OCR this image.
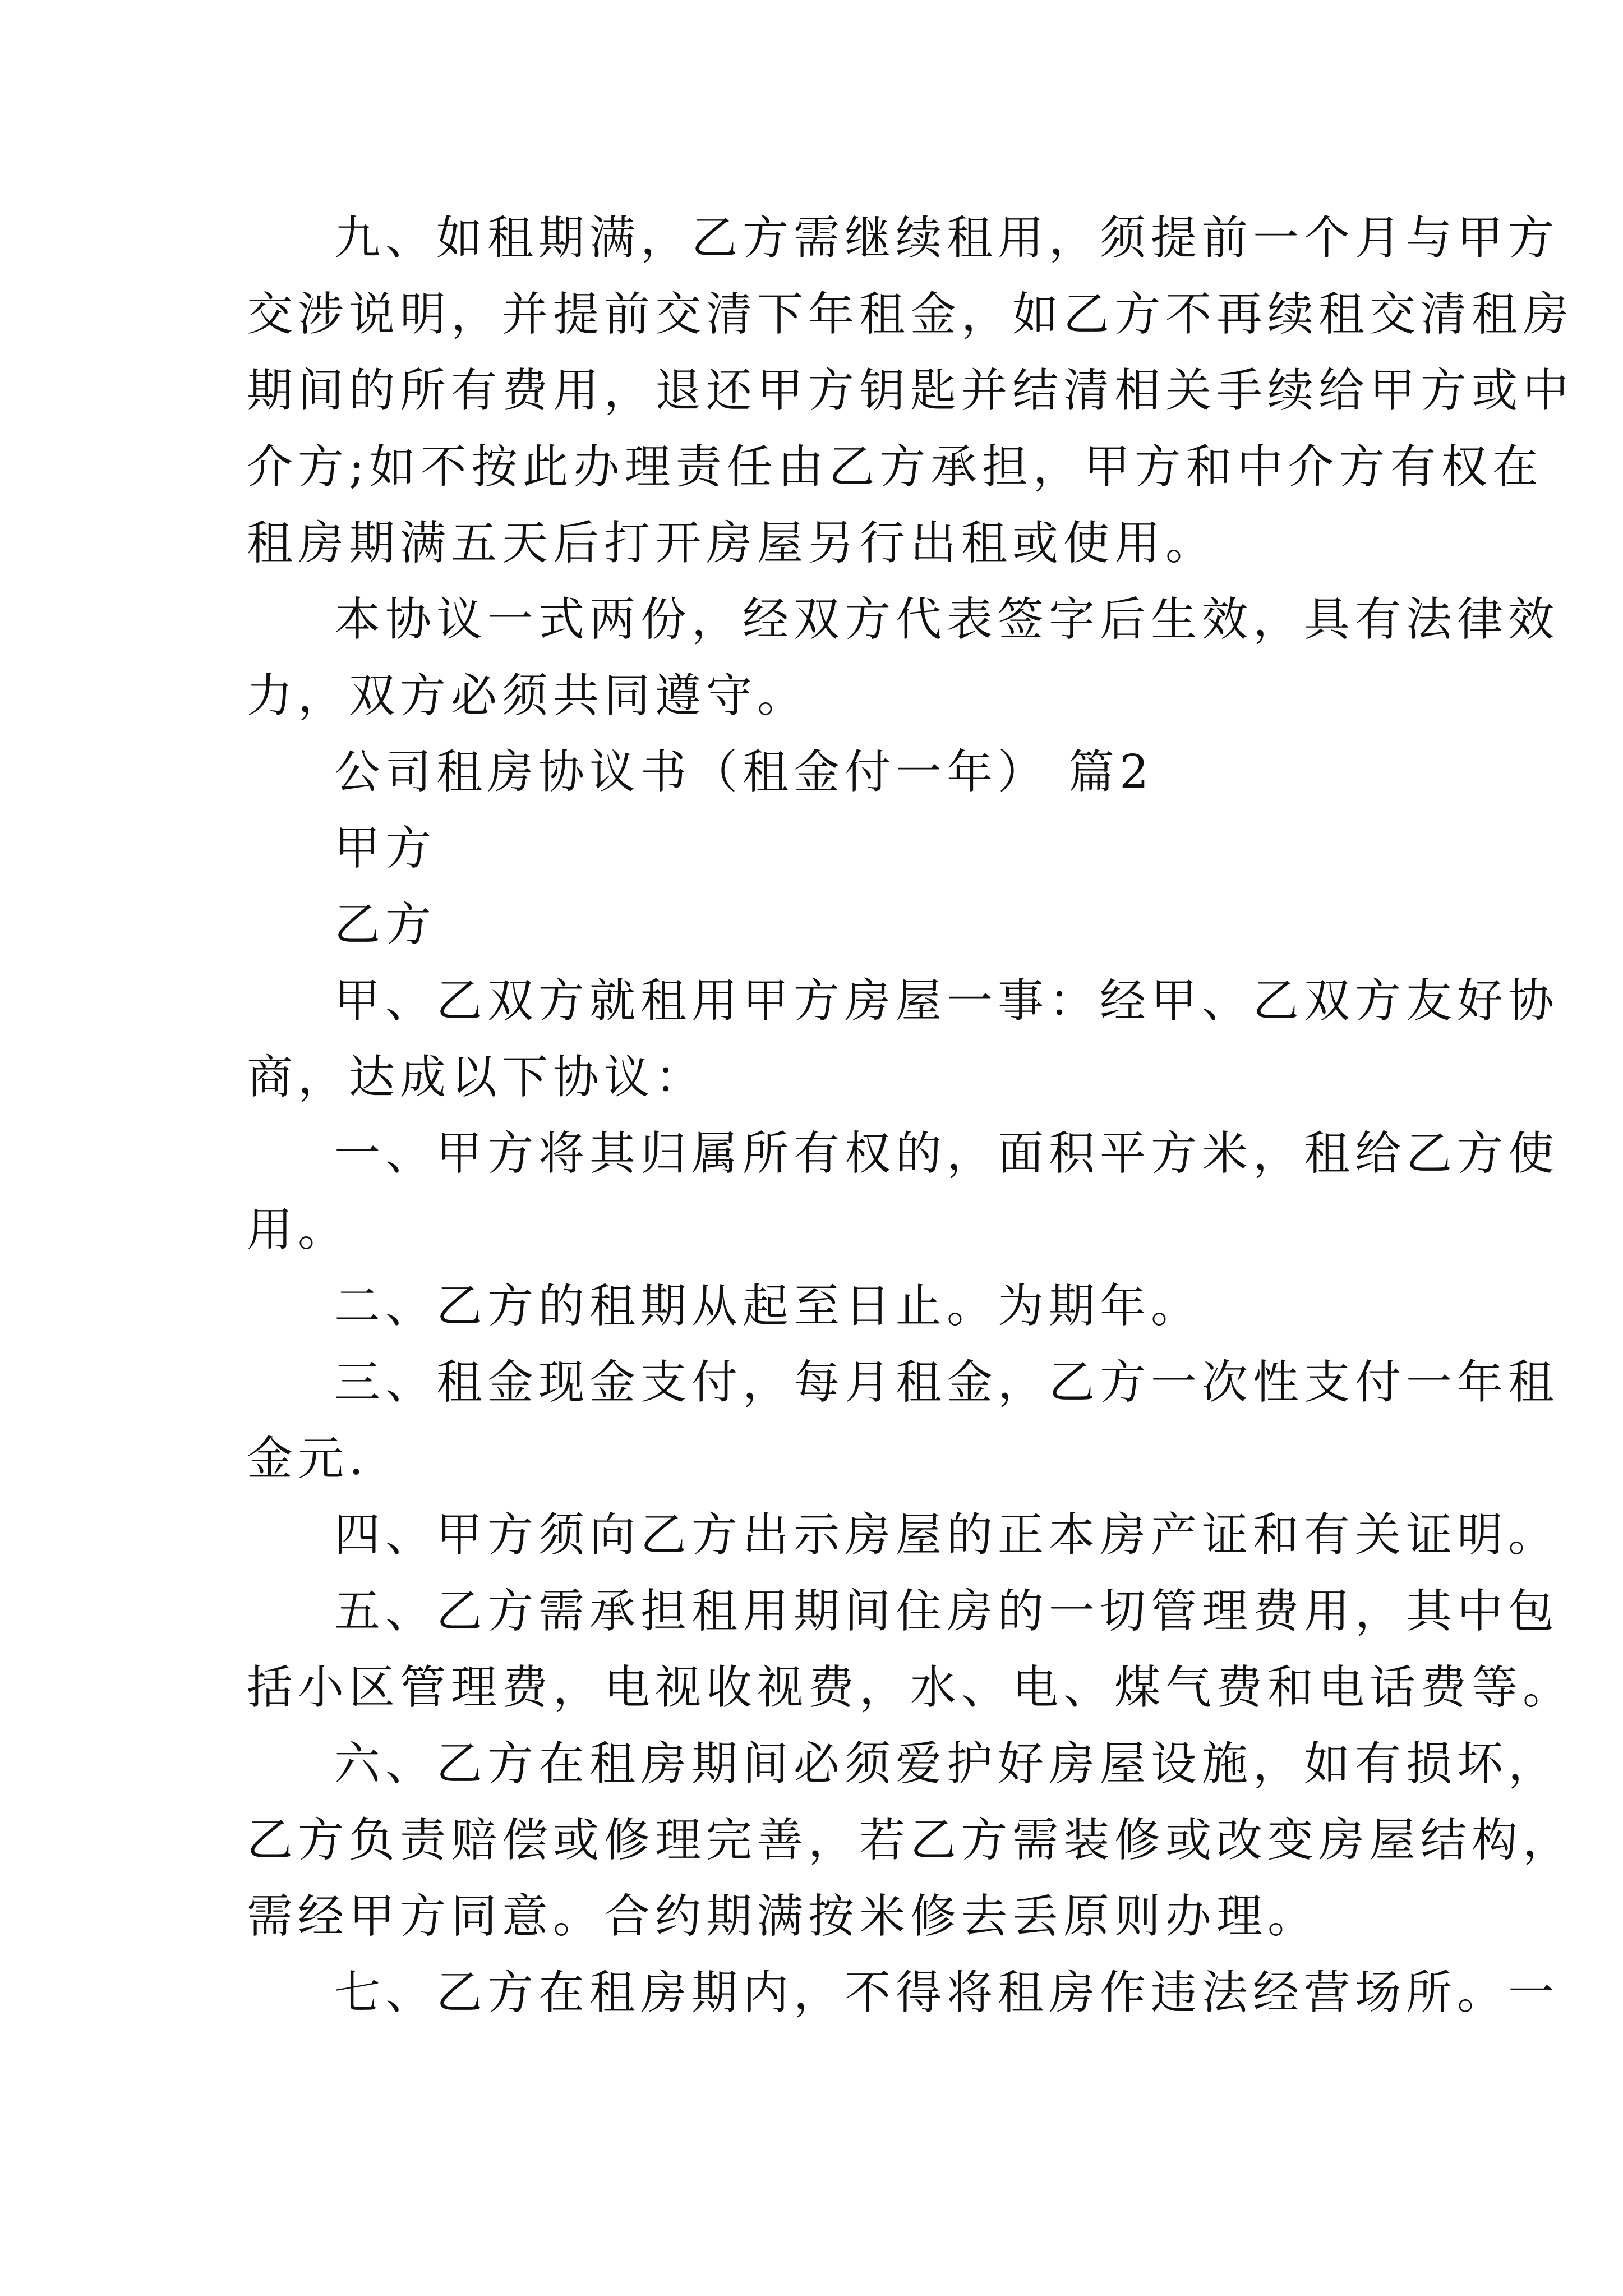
九、如租期满，乙方需继续租用，须提前一个月与甲方

交涉说明，并提前交清下年租金，如乙方不再续租交清租房

期间的所有费用，退还甲方钥匙并结清相关手续给甲方或中

介方;如不按此办理责任由乙方承担，甲方和中介方有权在

租房期满五天后打开房屋另行出租或使用。

本协议一式两份，经双方代表签字后生效，具有法律效

力，双方必须共同遵守。

公司租房协议书（租金付一年） 篇2

甲方

乙方

甲、乙双方就租用甲方房屋一事：经甲、乙双方友好协

商，达成以下协议：

一、甲方将其归属所有权的，面积平方米，租给乙方使

用。

二、乙方的租期从起至日止。为期年。

三、租金现金支付，每月租金，乙方一次性支付一年租

金元.

四、甲方须向乙方出示房屋的正本房产证和有关证明。

五、乙方需承担租用期间住房的一切管理费用，其中包

括小区管理费，电视收视费，水、电、煤气费和电话费等。

六、乙方在租房期间必须爱护好房屋设施，如有损坏，

乙方负责赔偿或修理完善，若乙方需装修或改变房屋结构，

需经甲方同意。合约期满按米修去丢原则办理。

七、乙方在租房期内，不得将租房作违法经营场所。一
